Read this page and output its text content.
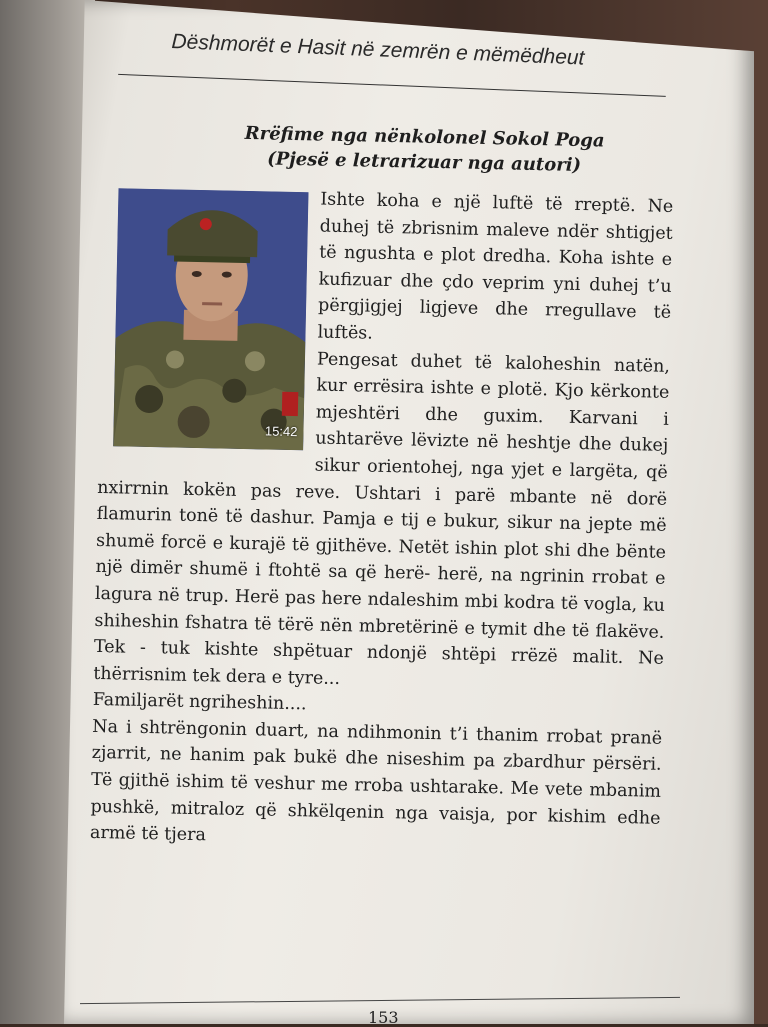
Dëshmorët e Hasit në zemrën e mëmëdheut

Rrëfime nga nënkolonel Sokol Poga
(Pjesë e letrarizuar nga autori)

15:42
Ishte koha e një luftë të rreptë. Ne duhej të zbrisnim maleve ndër shtigjet të ngushta e plot dredha. Koha ishte e kufizuar dhe çdo veprim yni duhej t’u përgjigjej ligjeve dhe rregullave të luftës.

Pengesat duhet të kaloheshin natën, kur errësira ishte e plotë. Kjo kërkonte mjeshtëri dhe guxim. Karvani i ushtarëve lëvizte në heshtje dhe dukej sikur orientohej, nga yjet e largëta, që nxirrnin kokën pas reve. Ushtari i parë mbante në dorë flamurin tonë të dashur. Pamja e tij e bukur, sikur na jepte më shumë forcë e kurajë të gjithëve. Netët ishin plot shi dhe bënte një dimër shumë i ftohtë sa që herë- herë, na ngrinin rrobat e lagura në trup. Herë pas here ndaleshim mbi kodra të vogla, ku shiheshin fshatra të tërë nën mbretërinë e tymit dhe të flakëve. Tek - tuk kishte shpëtuar ndonjë shtëpi rrëzë malit. Ne thërrisnim tek dera e tyre...

Familjarët ngriheshin....

Na i shtrëngonin duart, na ndihmonin t’i thanim rrobat pranë zjarrit, ne hanim pak bukë dhe niseshim pa zbardhur përsëri. Të gjithë ishim të veshur me rroba ushtarake. Me vete mbanim pushkë, mitraloz që shkëlqenin nga vaisja, por kishim edhe armë të tjera

153
